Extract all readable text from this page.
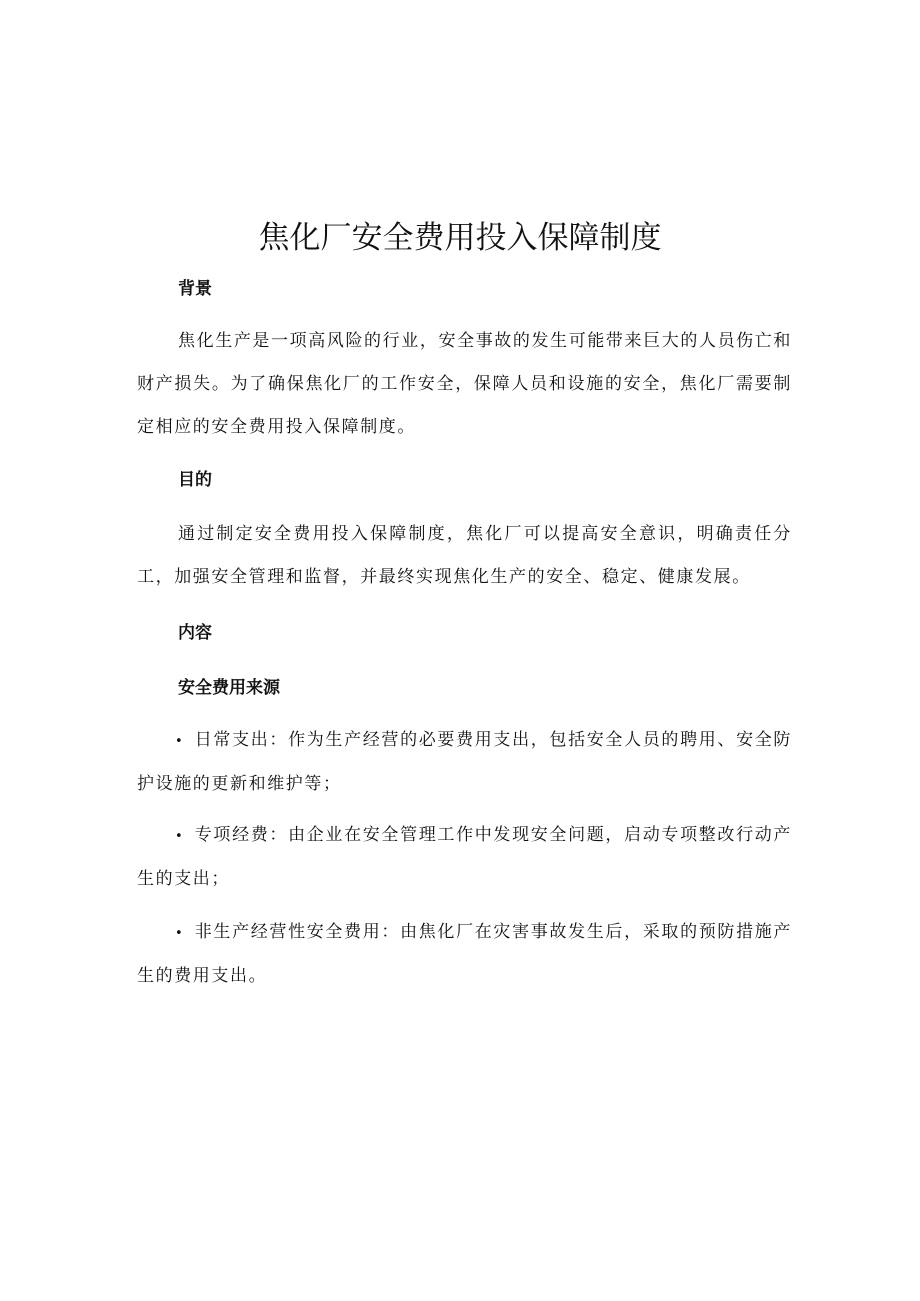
焦化厂安全费用投入保障制度
背景

焦化生产是一项高风险的行业，安全事故的发生可能带来巨大的人员伤亡和财产损失。为了确保焦化厂的工作安全，保障人员和设施的安全，焦化厂需要制定相应的安全费用投入保障制度。

目的

通过制定安全费用投入保障制度，焦化厂可以提高安全意识，明确责任分工，加强安全管理和监督，并最终实现焦化生产的安全、稳定、健康发展。

内容
安全费用来源

• 日常支出：作为生产经营的必要费用支出，包括安全人员的聘用、安全防护设施的更新和维护等；

• 专项经费：由企业在安全管理工作中发现安全问题，启动专项整改行动产生的支出；

• 非生产经营性安全费用：由焦化厂在灾害事故发生后，采取的预防措施产生的费用支出。
